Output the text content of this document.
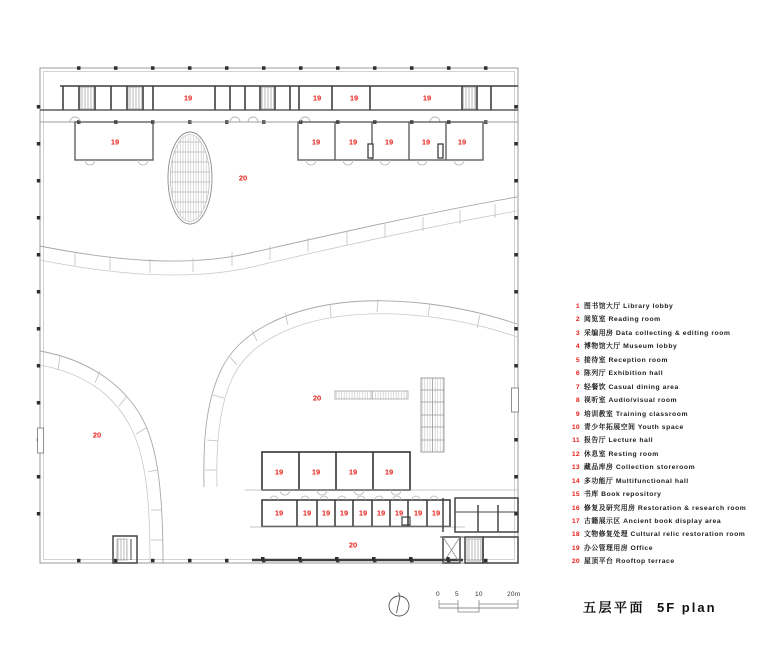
19	19	19	19
19	19	19	19	19	19
20
20
20
19	19	19	19
19	19 19 19 19 19 19 19 19
20
0 5 10	20m
1 图书馆大厅 Library lobby
2 阅览室 Reading room
3 采编用房 Data collecting & editing room
4 博物馆大厅 Museum lobby
5 接待室 Reception room
6 陈列厅 Exhibition hall
7 轻餐饮 Casual dining area
8 视听室 Audio/visual room
9 培训教室 Training classroom
10 青少年拓展空间 Youth space
11 报告厅 Lecture hall
12 休息室 Resting room
13 藏品库房 Collection storeroom
14 多功能厅 Multifunctional hall
15 书库 Book repository
16 修复及研究用房 Restoration & research room
17 古籍展示区 Ancient book display area
18 文物修复处理 Cultural relic restoration room
19 办公管理用房 Office
20 屋顶平台 Rooftop terrace
五层平面 5F plan
